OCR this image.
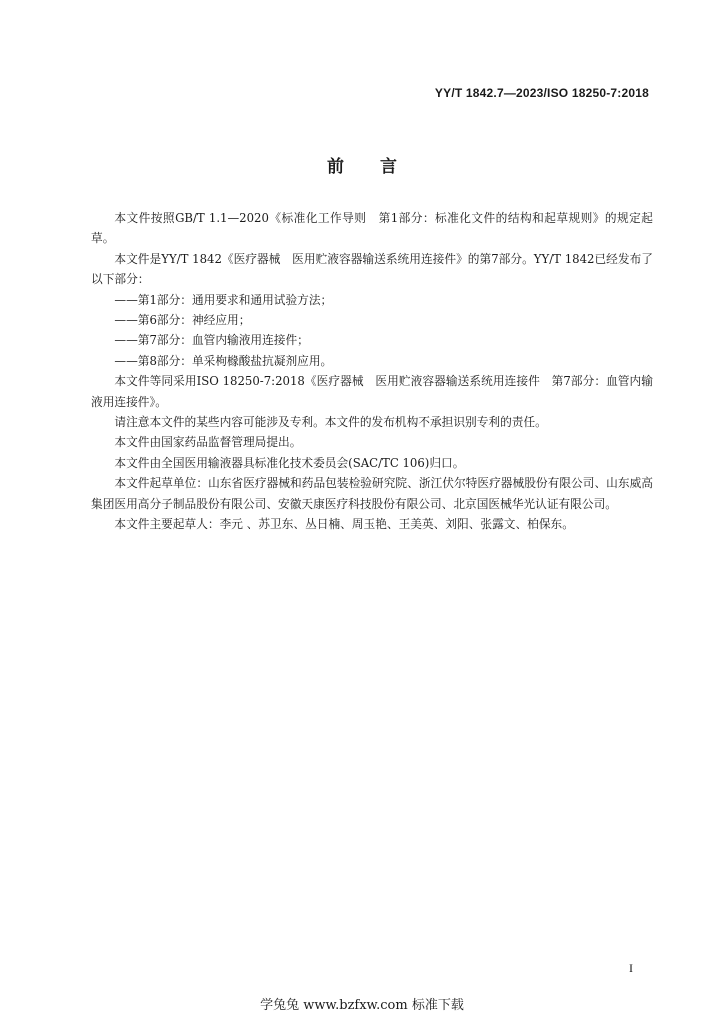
YY/T 1842.7—2023/ISO 18250-7:2018
前言

本文件按照GB/T 1.1—2020《标准化工作导则　第1部分：标准化文件的结构和起草规则》的规定起草。

本文件是YY/T 1842《医疗器械　医用贮液容器输送系统用连接件》的第7部分。YY/T 1842已经发布了以下部分：

——第1部分：通用要求和通用试验方法；

——第6部分：神经应用；

——第7部分：血管内输液用连接件；

——第8部分：单采枸橼酸盐抗凝剂应用。

本文件等同采用ISO 18250-7:2018《医疗器械　医用贮液容器输送系统用连接件　第7部分：血管内输液用连接件》。

请注意本文件的某些内容可能涉及专利。本文件的发布机构不承担识别专利的责任。

本文件由国家药品监督管理局提出。

本文件由全国医用输液器具标准化技术委员会(SAC/TC 106)归口。

本文件起草单位：山东省医疗器械和药品包装检验研究院、浙江伏尔特医疗器械股份有限公司、山东威高集团医用高分子制品股份有限公司、安徽天康医疗科技股份有限公司、北京国医械华光认证有限公司。

本文件主要起草人：李元 、苏卫东、丛日楠、周玉艳、王美英、刘阳、张露文、柏保东。

I
学兔兔 www.bzfxw.com 标准下载
